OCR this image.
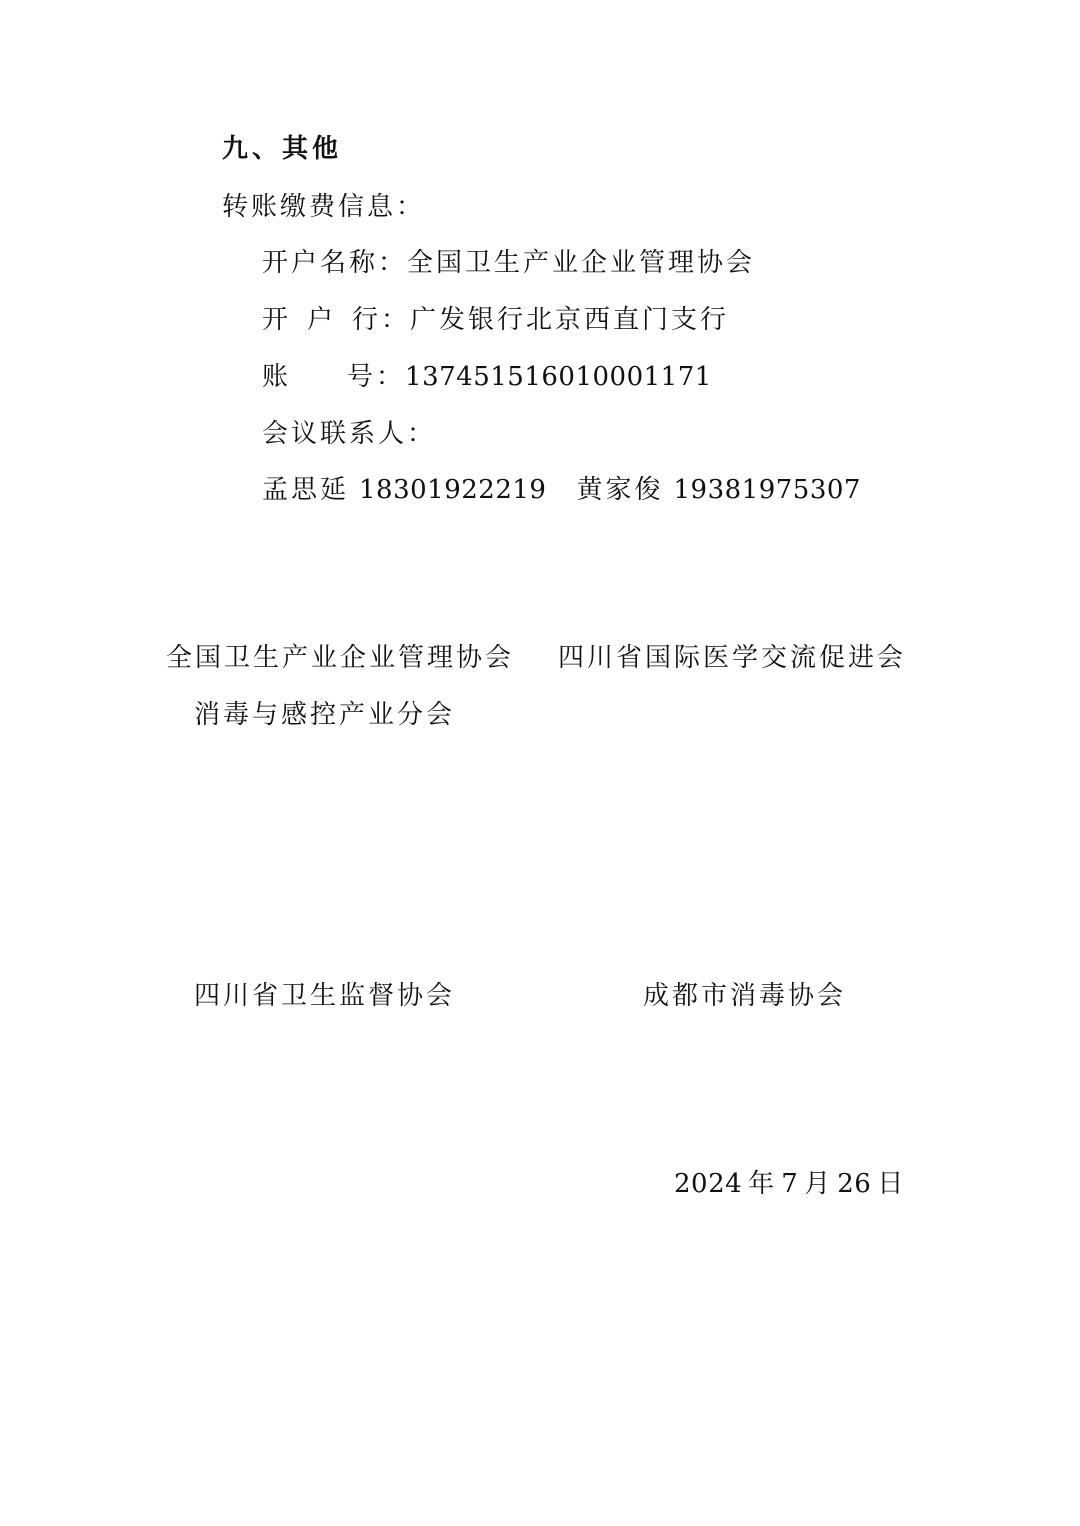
九、其他
转账缴费信息：
开户名称：全国卫生产业企业管理协会
开 户 行：广发银行北京西直门支行
账 号：137451516010001171
会议联系人：
孟思延 18301922219 黄家俊 19381975307
全国卫生产业企业管理协会
消毒与感控产业分会
四川省国际医学交流促进会
四川省卫生监督协会	成都市消毒协会
2024 年 7 月 26 日
